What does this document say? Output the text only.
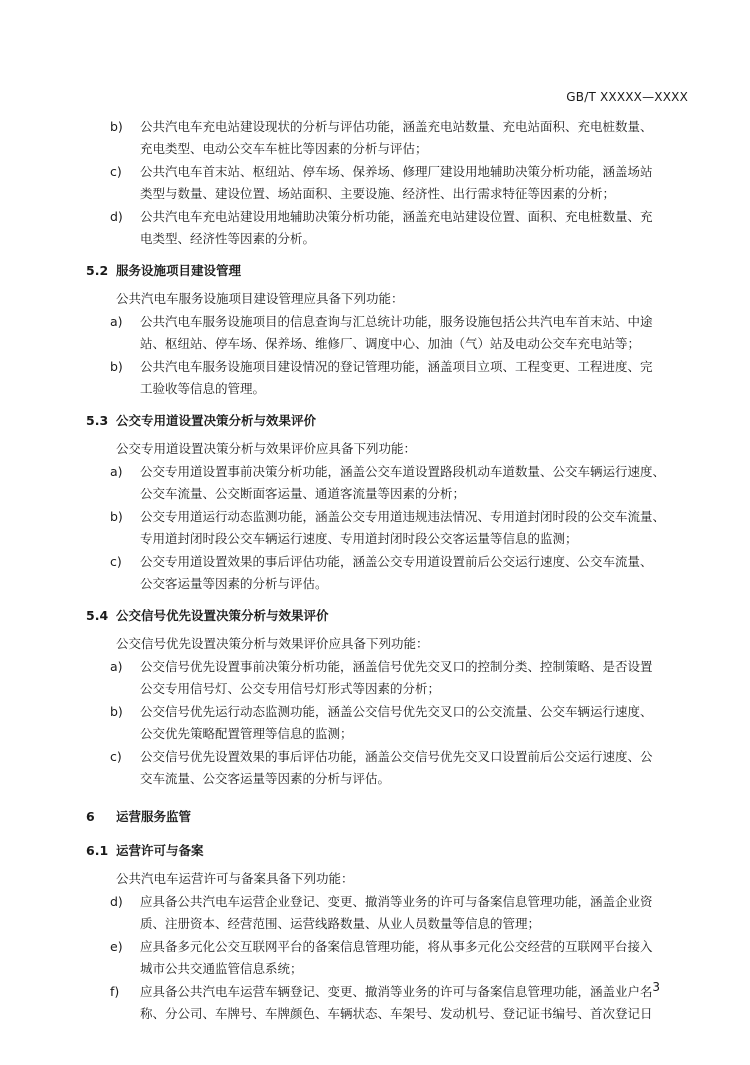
GB/T XXXXX—XXXX
b) 公共汽电车充电站建设现状的分析与评估功能，涵盖充电站数量、充电站面积、充电桩数量、
充电类型、电动公交车车桩比等因素的分析与评估；
c) 公共汽电车首末站、枢纽站、停车场、保养场、修理厂建设用地辅助决策分析功能，涵盖场站
类型与数量、建设位置、场站面积、主要设施、经济性、出行需求特征等因素的分析；
d) 公共汽电车充电站建设用地辅助决策分析功能，涵盖充电站建设位置、面积、充电桩数量、充
电类型、经济性等因素的分析。
5.2 服务设施项目建设管理
公共汽电车服务设施项目建设管理应具备下列功能：
a) 公共汽电车服务设施项目的信息查询与汇总统计功能，服务设施包括公共汽电车首末站、中途
站、枢纽站、停车场、保养场、维修厂、调度中心、加油（气）站及电动公交车充电站等；
b) 公共汽电车服务设施项目建设情况的登记管理功能，涵盖项目立项、工程变更、工程进度、完
工验收等信息的管理。
5.3 公交专用道设置决策分析与效果评价
公交专用道设置决策分析与效果评价应具备下列功能：
a) 公交专用道设置事前决策分析功能，涵盖公交车道设置路段机动车道数量、公交车辆运行速度、
公交车流量、公交断面客运量、通道客流量等因素的分析；
b) 公交专用道运行动态监测功能，涵盖公交专用道违规违法情况、专用道封闭时段的公交车流量、
专用道封闭时段公交车辆运行速度、专用道封闭时段公交客运量等信息的监测；
c) 公交专用道设置效果的事后评估功能，涵盖公交专用道设置前后公交运行速度、公交车流量、
公交客运量等因素的分析与评估。
5.4 公交信号优先设置决策分析与效果评价
公交信号优先设置决策分析与效果评价应具备下列功能：
a) 公交信号优先设置事前决策分析功能，涵盖信号优先交叉口的控制分类、控制策略、是否设置
公交专用信号灯、公交专用信号灯形式等因素的分析；
b) 公交信号优先运行动态监测功能，涵盖公交信号优先交叉口的公交流量、公交车辆运行速度、
公交优先策略配置管理等信息的监测；
c) 公交信号优先设置效果的事后评估功能，涵盖公交信号优先交叉口设置前后公交运行速度、公
交车流量、公交客运量等因素的分析与评估。
6 运营服务监管
6.1 运营许可与备案
公共汽电车运营许可与备案具备下列功能：
d) 应具备公共汽电车运营企业登记、变更、撤消等业务的许可与备案信息管理功能，涵盖企业资
质、注册资本、经营范围、运营线路数量、从业人员数量等信息的管理；
e) 应具备多元化公交互联网平台的备案信息管理功能，将从事多元化公交经营的互联网平台接入
城市公共交通监管信息系统；
f) 应具备公共汽电车运营车辆登记、变更、撤消等业务的许可与备案信息管理功能，涵盖业户名
称、分公司、车牌号、车牌颜色、车辆状态、车架号、发动机号、登记证书编号、首次登记日
3
